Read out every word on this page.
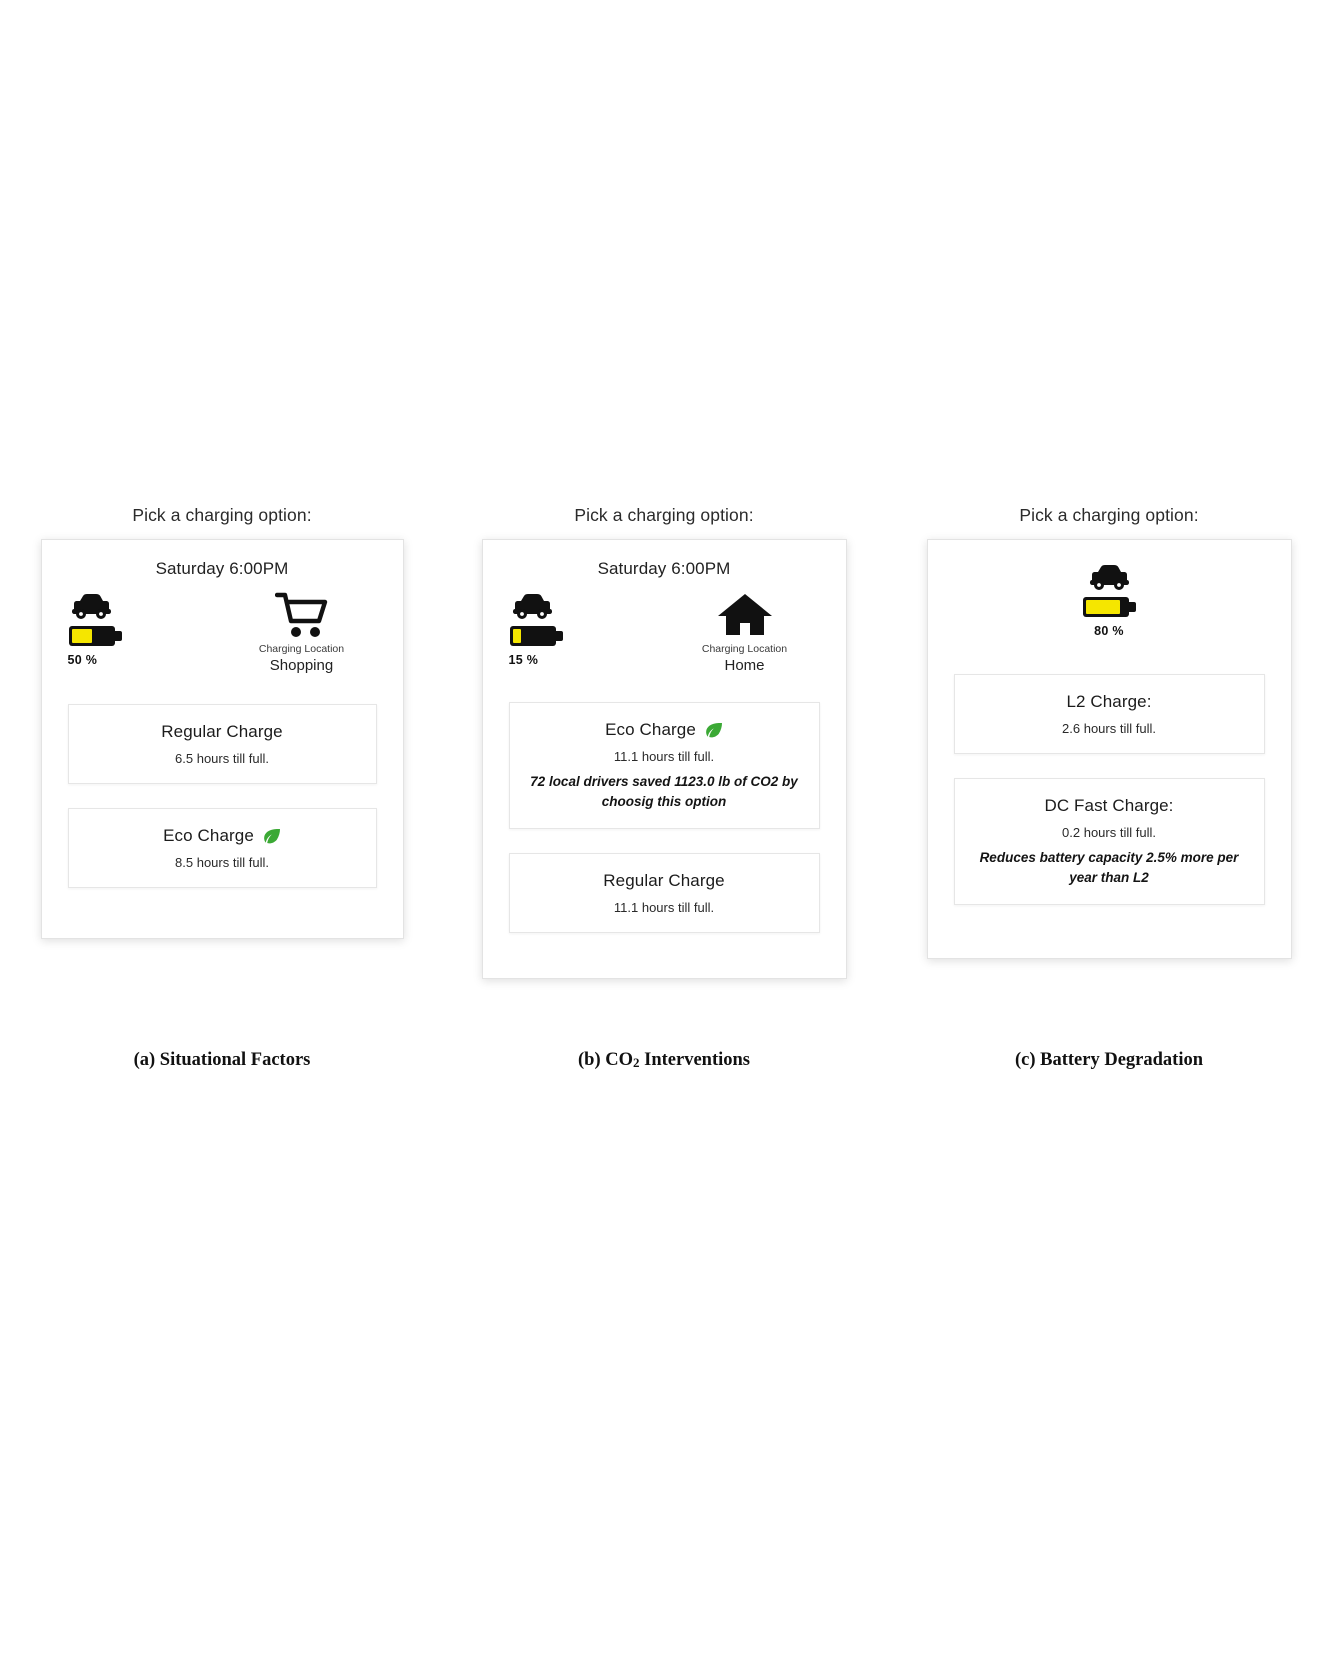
Pick a charging option:
Saturday 6:00PM
50 %
Charging Location
Shopping
Regular Charge
6.5 hours till full.
Eco Charge
8.5 hours till full.
Pick a charging option:
Saturday 6:00PM
15 %
Charging Location
Home
Eco Charge
11.1 hours till full.
72 local drivers saved 1123.0 lb of CO2 by choosig this option
Regular Charge
11.1 hours till full.
Pick a charging option:
80 %
L2 Charge:
2.6 hours till full.
DC Fast Charge:
0.2 hours till full.
Reduces battery capacity 2.5% more per year than L2
(a) Situational Factors	(b) CO2 Interventions	(c) Battery Degradation
